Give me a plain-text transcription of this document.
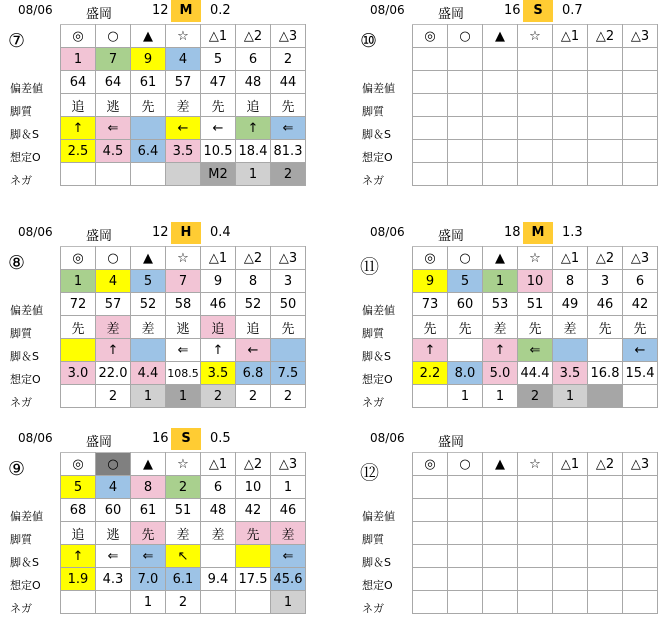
08/06	盛岡	12 M	0.2
⑦
偏差値
脚質
脚＆S
想定O
ネガ
◎	○	▲	☆	△1	△2	△3
1	7	9	4	5	6	2
64	64	61	57	47	48	44
追	逃	先	差	先	追	先
↑	⇐		←	←	↑	⇐
2.5	4.5	6.4	3.5	10.5	18.4	81.3
				M2	1	2
08/06	盛岡	16 S	0.7
⑩
偏差値
脚質
脚＆S
想定O
ネガ
◎	○	▲	☆	△1	△2	△3

08/06	盛岡	12 H	0.4
⑧
偏差値
脚質
脚＆S
想定O
ネガ
◎	○	▲	☆	△1	△2	△3
1	4	5	7	9	8	3
72	57	52	58	46	52	50
先	差	差	逃	追	追	先
	↑		⇐	↑	←	
3.0	22.0	4.4	108.5	3.5	6.8	7.5
	2	1	1	2	2	2
08/06	盛岡	18 M	1.3
⑪
偏差値
脚質
脚＆S
想定O
ネガ
◎	○	▲	☆	△1	△2	△3
9	5	1	10	8	3	6
73	60	53	51	49	46	42
先	先	差	先	差	先	先
↑		↑	⇐			←
2.2	8.0	5.0	44.4	3.5	16.8	15.4
	1	1	2	1		
08/06	盛岡	16 S	0.5
⑨
偏差値
脚質
脚＆S
想定O
ネガ
◎	○	▲	☆	△1	△2	△3
5	4	8	2	6	10	1
68	60	61	51	48	42	46
追	逃	先	差	差	先	差
↑	⇐	⇐	↖			⇐
1.9	4.3	7.0	6.1	9.4	17.5	45.6
		1	2			1
08/06	盛岡
⑫
偏差値
脚質
脚＆S
想定O
ネガ
◎	○	▲	☆	△1	△2	△3
